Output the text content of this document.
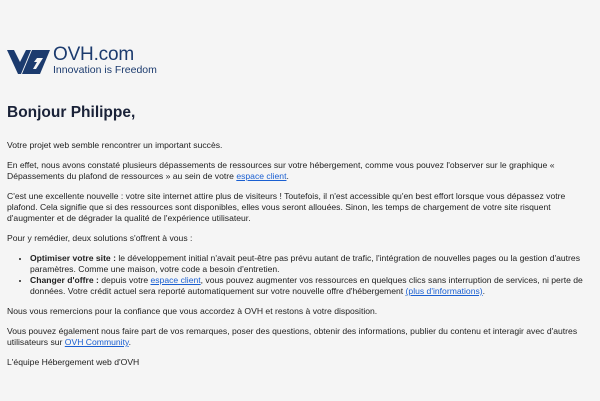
OVH.com
Innovation is Freedom
Bonjour Philippe,

Votre projet web semble rencontrer un important succès.

En effet, nous avons constaté plusieurs dépassements de ressources sur votre hébergement, comme vous pouvez l'observer sur le graphique « Dépassements du plafond de ressources » au sein de votre espace client.

C'est une excellente nouvelle : votre site internet attire plus de visiteurs ! Toutefois, il n'est accessible qu'en best effort lorsque vous dépassez votre plafond. Cela signifie que si des ressources sont disponibles, elles vous seront allouées. Sinon, les temps de chargement de votre site risquent d'augmenter et de dégrader la qualité de l'expérience utilisateur.

Pour y remédier, deux solutions s'offrent à vous :

• Optimiser votre site : le développement initial n'avait peut-être pas prévu autant de trafic, l'intégration de nouvelles pages ou la gestion d'autres paramètres. Comme une maison, votre code a besoin d'entretien.
• Changer d'offre : depuis votre espace client, vous pouvez augmenter vos ressources en quelques clics sans interruption de services, ni perte de données. Votre crédit actuel sera reporté automatiquement sur votre nouvelle offre d'hébergement (plus d'informations).

Nous vous remercions pour la confiance que vous accordez à OVH et restons à votre disposition.

Vous pouvez également nous faire part de vos remarques, poser des questions, obtenir des informations, publier du contenu et interagir avec d'autres utilisateurs sur OVH Community.

L'équipe Hébergement web d'OVH
